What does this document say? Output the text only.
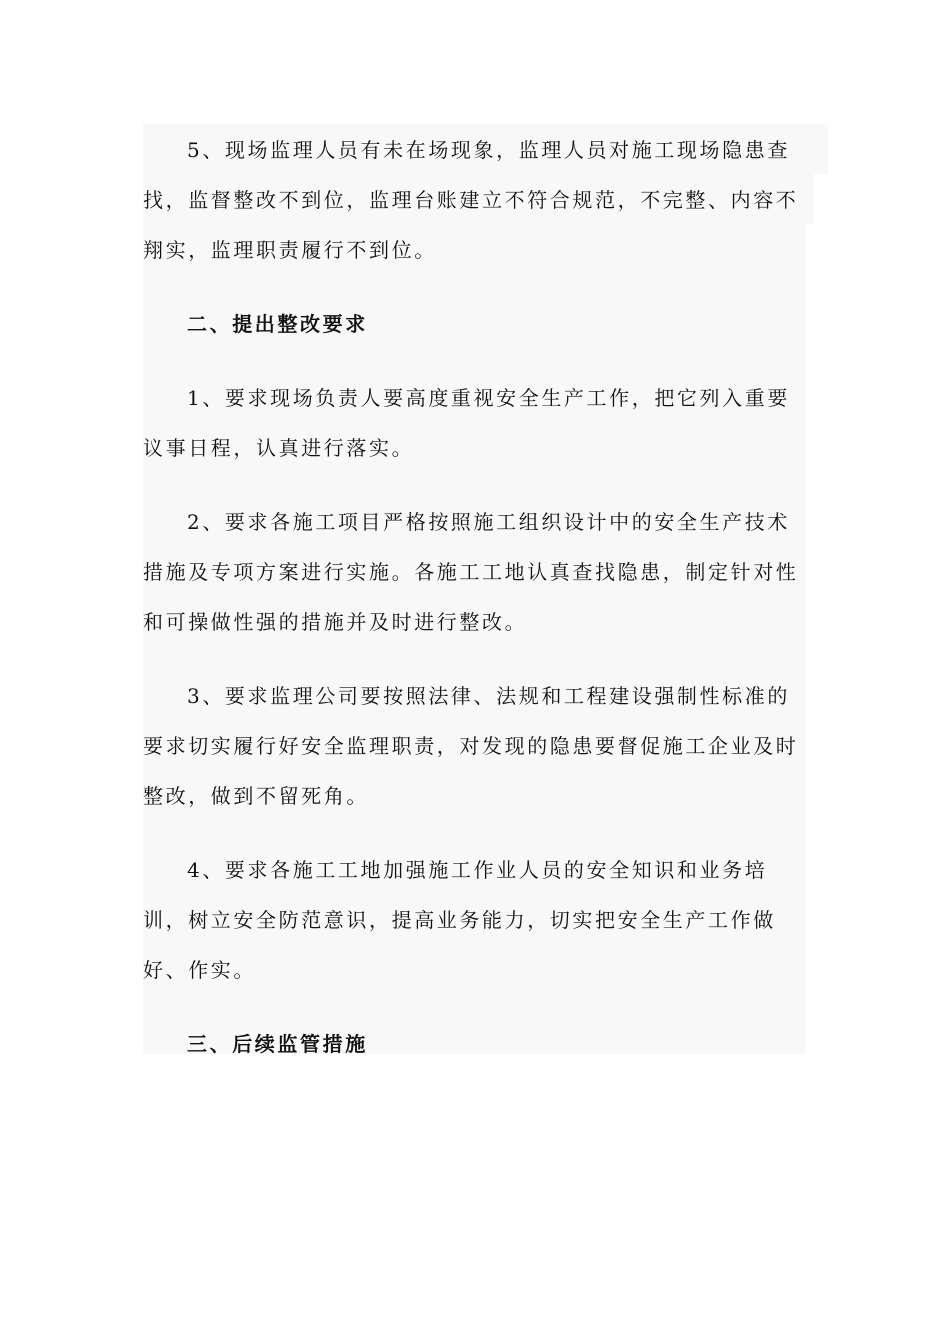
5、现场监理人员有未在场现象，监理人员对施工现场隐患查找，监督整改不到位，监理台账建立不符合规范，不完整、内容不翔实，监理职责履行不到位。

二、提出整改要求

1、要求现场负责人要高度重视安全生产工作，把它列入重要议事日程，认真进行落实。

2、要求各施工项目严格按照施工组织设计中的安全生产技术措施及专项方案进行实施。各施工工地认真查找隐患，制定针对性和可操做性强的措施并及时进行整改。

3、要求监理公司要按照法律、法规和工程建设强制性标准的要求切实履行好安全监理职责，对发现的隐患要督促施工企业及时整改，做到不留死角。

4、要求各施工工地加强施工作业人员的安全知识和业务培训，树立安全防范意识，提高业务能力，切实把安全生产工作做好、作实。

三、后续监管措施
